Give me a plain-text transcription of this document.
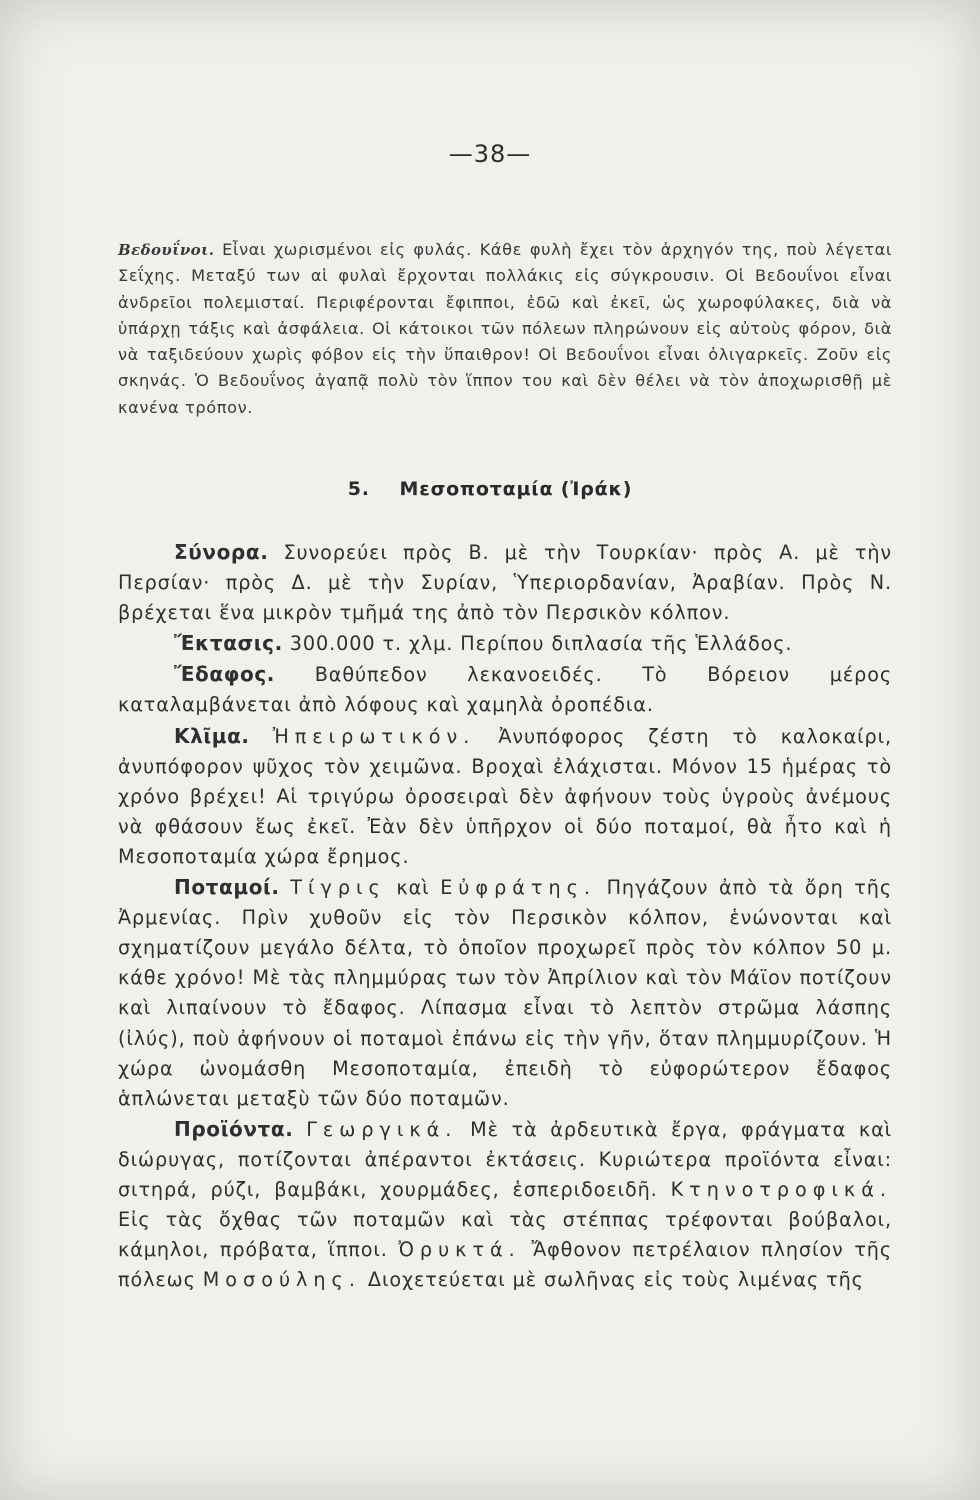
—38—
Βεδουΐνοι. Εἶναι χωρισμένοι εἰς φυλάς. Κάθε φυλὴ ἔχει τὸν ἀρχηγόν της, ποὺ λέγεται Σεΐχης. Μεταξύ των αἱ φυλαὶ ἔρχονται πολλάκις εἰς σύγκρουσιν. Οἱ Βεδουΐνοι εἶναι ἀνδρεῖοι πολεμισταί. Περιφέρονται ἔφιπποι, ἐδῶ καὶ ἐκεῖ, ὡς χωροφύλακες, διὰ νὰ ὑπάρχῃ τάξις καὶ ἀσφάλεια. Οἱ κάτοικοι τῶν πόλεων πληρώνουν εἰς αὐτοὺς φόρον, διὰ νὰ ταξιδεύουν χωρὶς φόβον εἰς τὴν ὕπαιθρον! Οἱ Βεδουΐνοι εἶναι ὀλιγαρκεῖς. Ζοῦν εἰς σκηνάς. Ὁ Βεδουΐνος ἀγαπᾷ πολὺ τὸν ἵππον του καὶ δὲν θέλει νὰ τὸν ἀποχωρισθῇ μὲ κανένα τρόπον.
5. Μεσοποταμία (Ἰράκ)

Σύνορα. Συνορεύει πρὸς Β. μὲ τὴν Τουρκίαν· πρὸς Α. μὲ τὴν Περσίαν· πρὸς Δ. μὲ τὴν Συρίαν, Ὑπεριορδανίαν, Ἀραβίαν. Πρὸς Ν. βρέχεται ἕνα μικρὸν τμῆμά της ἀπὸ τὸν Περσικὸν κόλπον.

Ἔκτασις. 300.000 τ. χλμ. Περίπου διπλασία τῆς Ἑλλάδος.

Ἔδαφος. Βαθύπεδον λεκανοειδές. Τὸ Βόρειον μέρος καταλαμβάνεται ἀπὸ λόφους καὶ χαμηλὰ ὀροπέδια.

Κλῖμα. Ἠπειρωτικόν. Ἀνυπόφορος ζέστη τὸ καλοκαίρι, ἀνυπόφορον ψῦχος τὸν χειμῶνα. Βροχαὶ ἐλάχισται. Μόνον 15 ἡμέρας τὸ χρόνο βρέχει! Αἱ τριγύρω ὀροσειραὶ δὲν ἀφήνουν τοὺς ὑγροὺς ἀνέμους νὰ φθάσουν ἕως ἐκεῖ. Ἐὰν δὲν ὑπῆρχον οἱ δύο ποταμοί, θὰ ἦτο καὶ ἡ Μεσοποταμία χώρα ἔρημος.

Ποταμοί. Τίγρις καὶ Εὐφράτης. Πηγάζουν ἀπὸ τὰ ὄρη τῆς Ἀρμενίας. Πρὶν χυθοῦν εἰς τὸν Περσικὸν κόλπον, ἑνώνονται καὶ σχηματίζουν μεγάλο δέλτα, τὸ ὁποῖον προχωρεῖ πρὸς τὸν κόλπον 50 μ. κάθε χρόνο! Μὲ τὰς πλημμύρας των τὸν Ἀπρίλιον καὶ τὸν Μάϊον ποτίζουν καὶ λιπαίνουν τὸ ἔδαφος. Λίπασμα εἶναι τὸ λεπτὸν στρῶμα λάσπης (ἰλύς), ποὺ ἀφήνουν οἱ ποταμοὶ ἐπάνω εἰς τὴν γῆν, ὅταν πλημμυρίζουν. Ἡ χώρα ὠνομάσθη Μεσοποταμία, ἐπειδὴ τὸ εὐφορώτερον ἔδαφος ἁπλώνεται μεταξὺ τῶν δύο ποταμῶν.

Προϊόντα. Γεωργικά. Μὲ τὰ ἀρδευτικὰ ἔργα, φράγματα καὶ διώρυγας, ποτίζονται ἀπέραντοι ἐκτάσεις. Κυριώτερα προϊόντα εἶναι: σιτηρά, ρύζι, βαμβάκι, χουρμάδες, ἑσπεριδοειδῆ. Κτηνοτροφικά. Εἰς τὰς ὄχθας τῶν ποταμῶν καὶ τὰς στέππας τρέφονται βούβαλοι, κάμηλοι, πρόβατα, ἵπποι. Ὀρυκτά. Ἄφθονον πετρέλαιον πλησίον τῆς πόλεως Μοσούλης. Διοχετεύεται μὲ σωλῆνας εἰς τοὺς λιμένας τῆς
